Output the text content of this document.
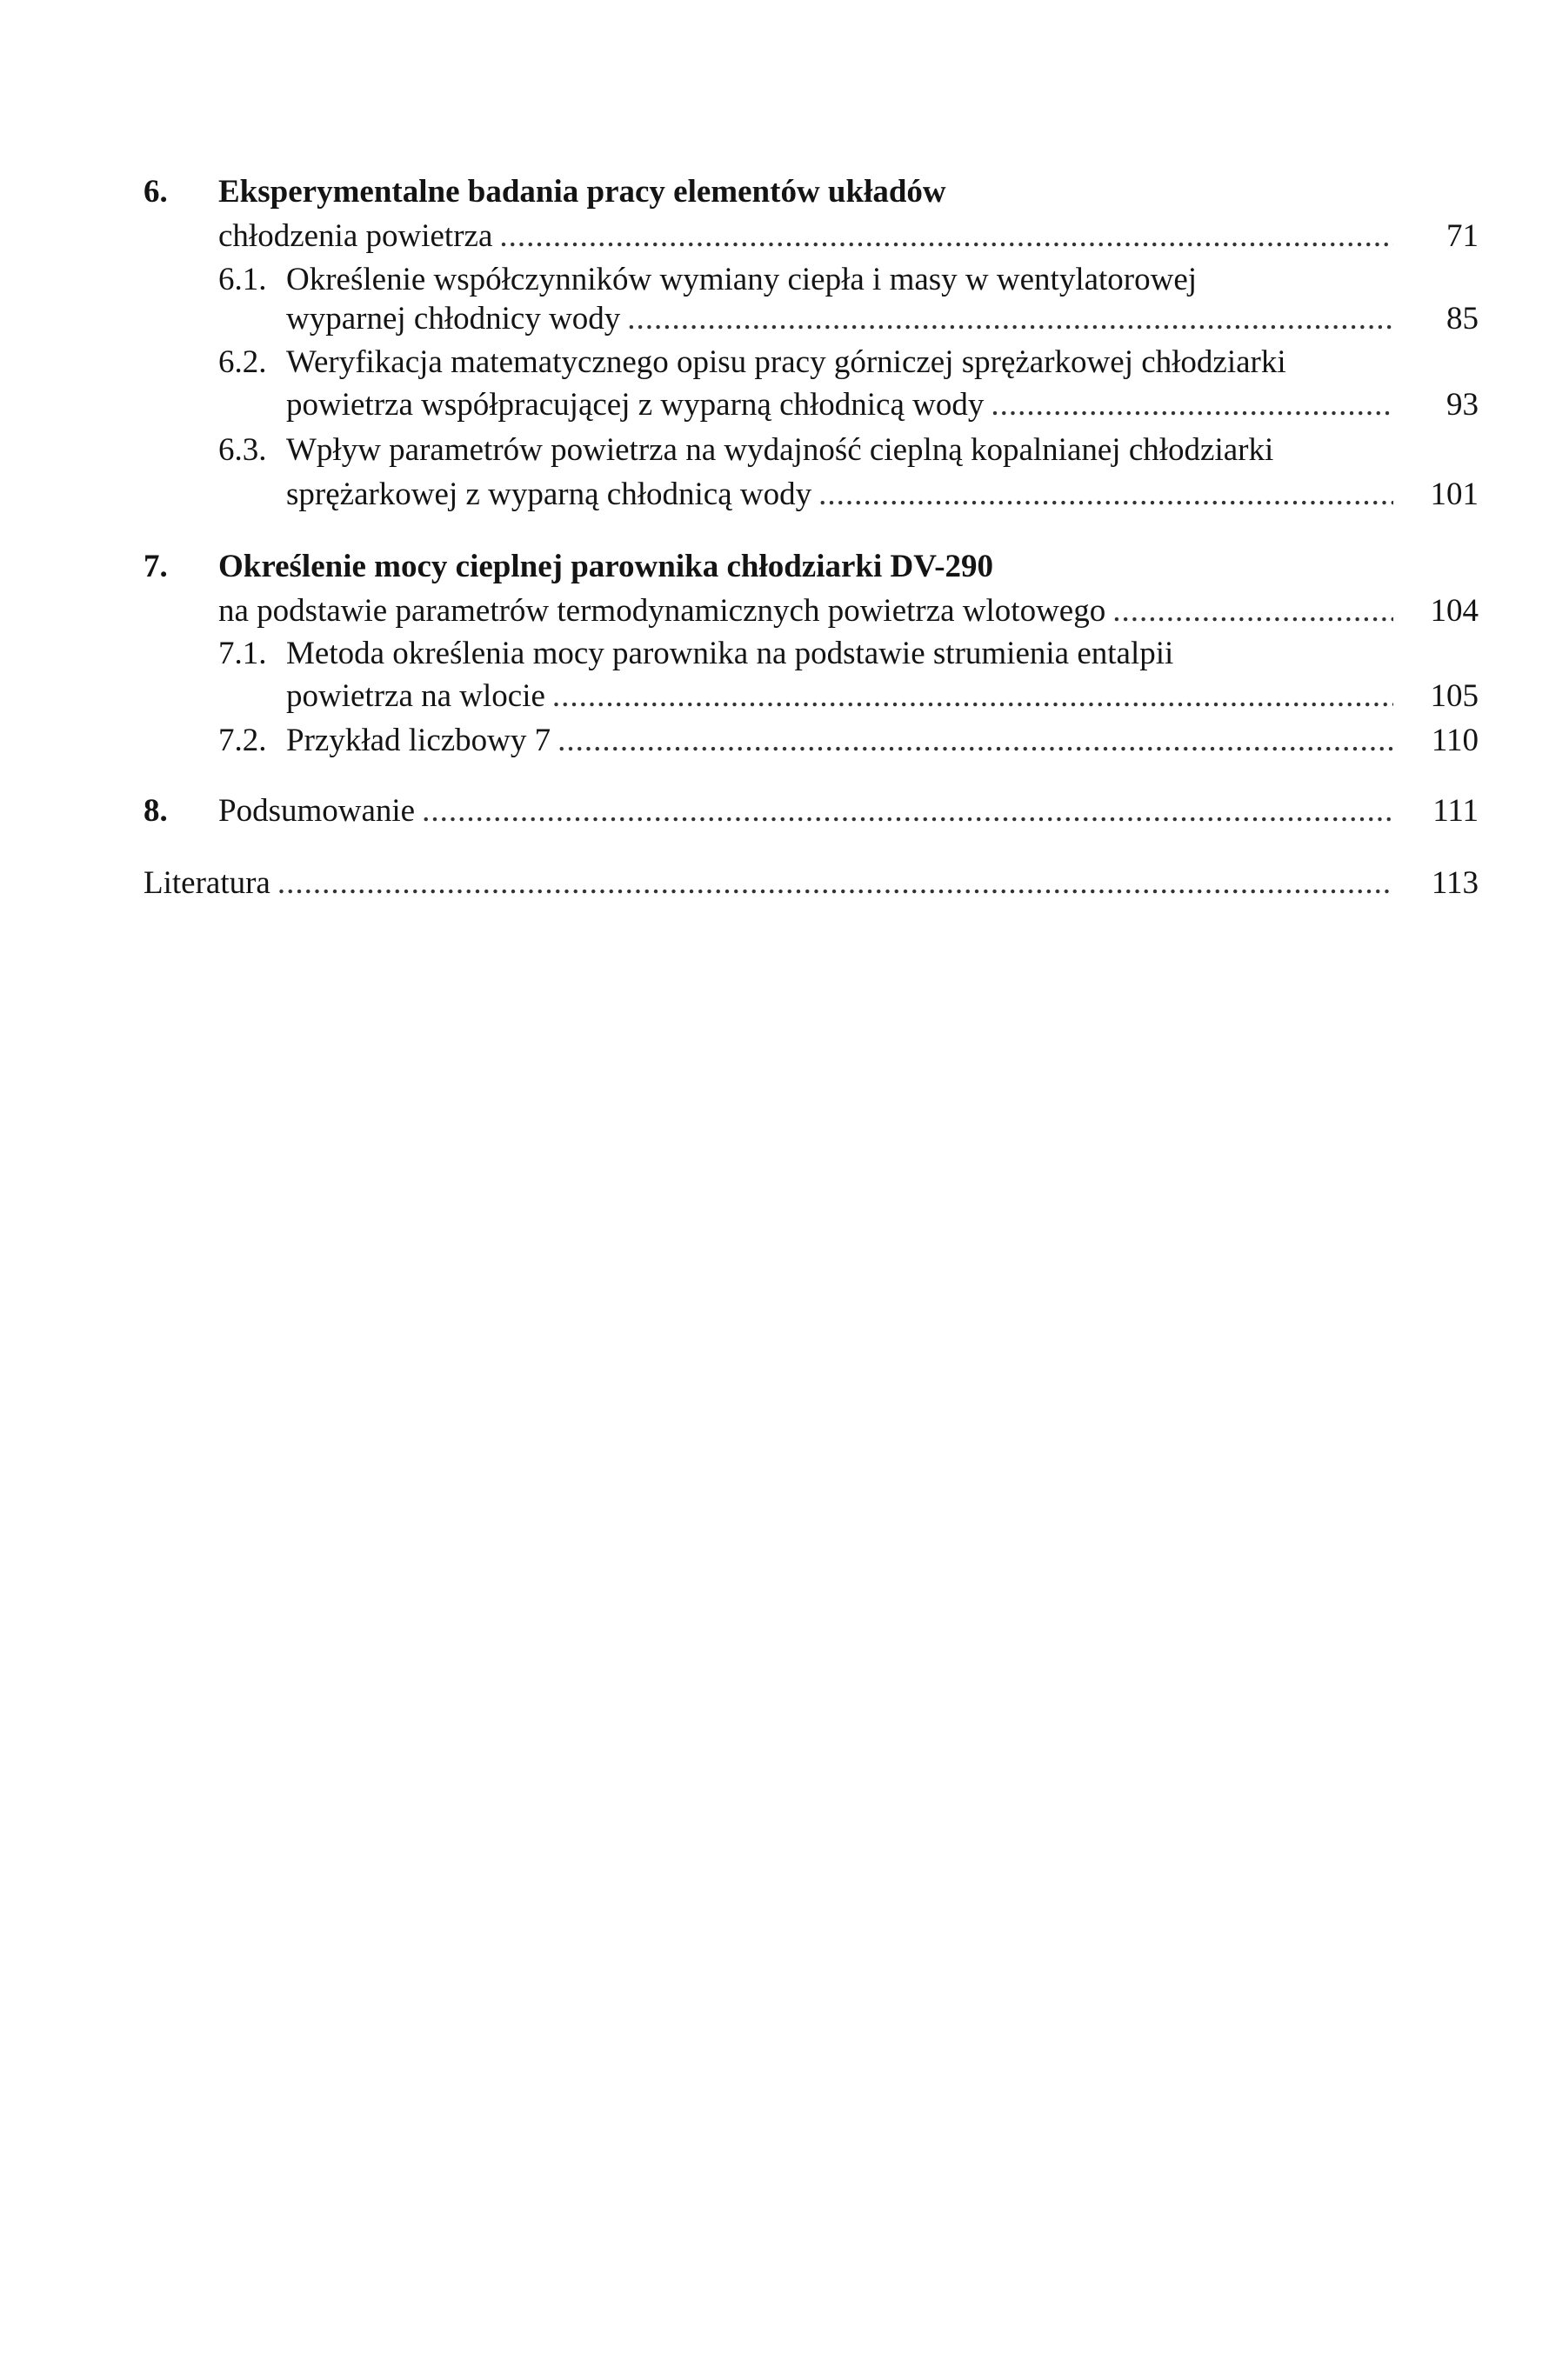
6. Eksperymentalne badania pracy elementów układów
chłodzenia powietrza .....	71
6.1. Określenie współczynników wymiany ciepła i masy w wentylatorowej
wyparnej chłodnicy wody .....	85
6.2. Weryfikacja matematycznego opisu pracy górniczej sprężarkowej chłodziarki
powietrza współpracującej z wyparną chłodnicą wody .....	93
6.3. Wpływ parametrów powietrza na wydajność cieplną kopalnianej chłodziarki
sprężarkowej z wyparną chłodnicą wody .....	101
7. Określenie mocy cieplnej parownika chłodziarki DV-290
na podstawie parametrów termodynamicznych powietrza wlotowego .....	104
7.1. Metoda określenia mocy parownika na podstawie strumienia entalpii
powietrza na wlocie .....	105
7.2. Przykład liczbowy 7 .....	110
8. Podsumowanie .....	111
Literatura .....	113
